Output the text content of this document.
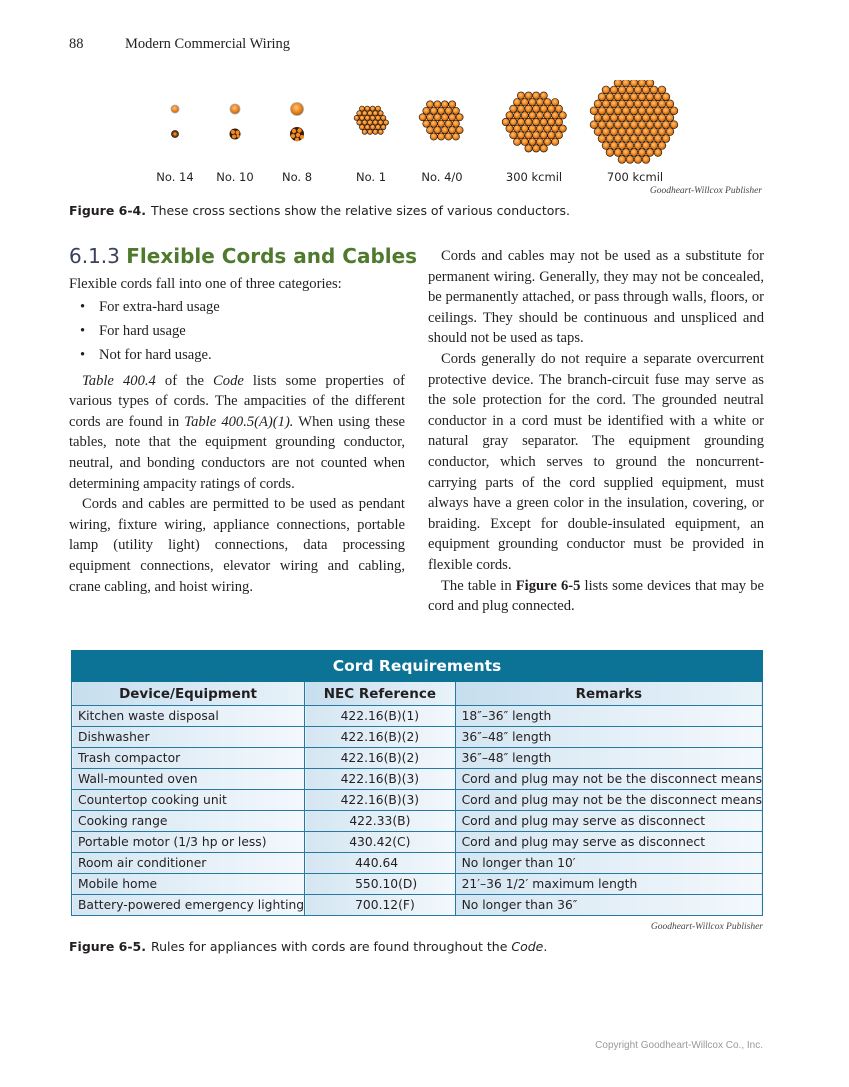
88	Modern Commercial Wiring
No. 14 No. 10 No. 8	No. 1	No. 4/0	300 kcmil	700 kcmil
Goodheart-Willcox Publisher
Figure 6-4. These cross sections show the relative sizes of various conductors.
6.1.3 Flexible Cords and Cables

Flexible cords fall into one of three categories:

• For extra-hard usage
• For hard usage
• Not for hard usage.

Table 400.4 of the Code lists some properties of various types of cords. The ampacities of the different cords are found in Table 400.5(A)(1). When using these tables, note that the equipment grounding conductor, neutral, and bonding conductors are not counted when determining ampacity ratings of cords.

Cords and cables are permitted to be used as pendant wiring, fixture wiring, appliance connections, portable lamp (utility light) connections, data processing equipment connections, elevator wiring and cabling, crane cabling, and hoist wiring.

Cords and cables may not be used as a substitute for permanent wiring. Generally, they may not be concealed, be permanently attached, or pass through walls, floors, or ceilings. They should be continuous and unspliced and should not be used as taps.

Cords generally do not require a separate overcurrent protective device. The branch-circuit fuse may serve as the sole protection for the cord. The grounded neutral conductor in a cord must be identified with a white or natural gray separator. The equipment grounding conductor, which serves to ground the noncurrent-carrying parts of the cord supplied equipment, must always have a green color in the insulation, covering, or braiding. Except for double-insulated equipment, an equipment grounding conductor must be provided in flexible cords.

The table in Figure 6-5 lists some devices that may be cord and plug connected.

Cord Requirements		
Device/Equipment	NEC Reference	Remarks
Kitchen waste disposal	422.16(B)(1)	18″–36″ length
Dishwasher	422.16(B)(2)	36″–48″ length
Trash compactor	422.16(B)(2)	36″–48″ length
Wall-mounted oven	422.16(B)(3)	Cord and plug may not be the disconnect means
Countertop cooking unit	422.16(B)(3)	Cord and plug may not be the disconnect means
Cooking range	422.33(B)	Cord and plug may serve as disconnect
Portable motor (1/3 hp or less)	430.42(C)	Cord and plug may serve as disconnect
Room air conditioner	440.64	No longer than 10′
Mobile home	550.10(D)	21′–36 1/2′ maximum length
Battery-powered emergency lighting	700.12(F)	No longer than 36″
Goodheart-Willcox Publisher
Figure 6-5. Rules for appliances with cords are found throughout the Code.
Copyright Goodheart-Willcox Co., Inc.
